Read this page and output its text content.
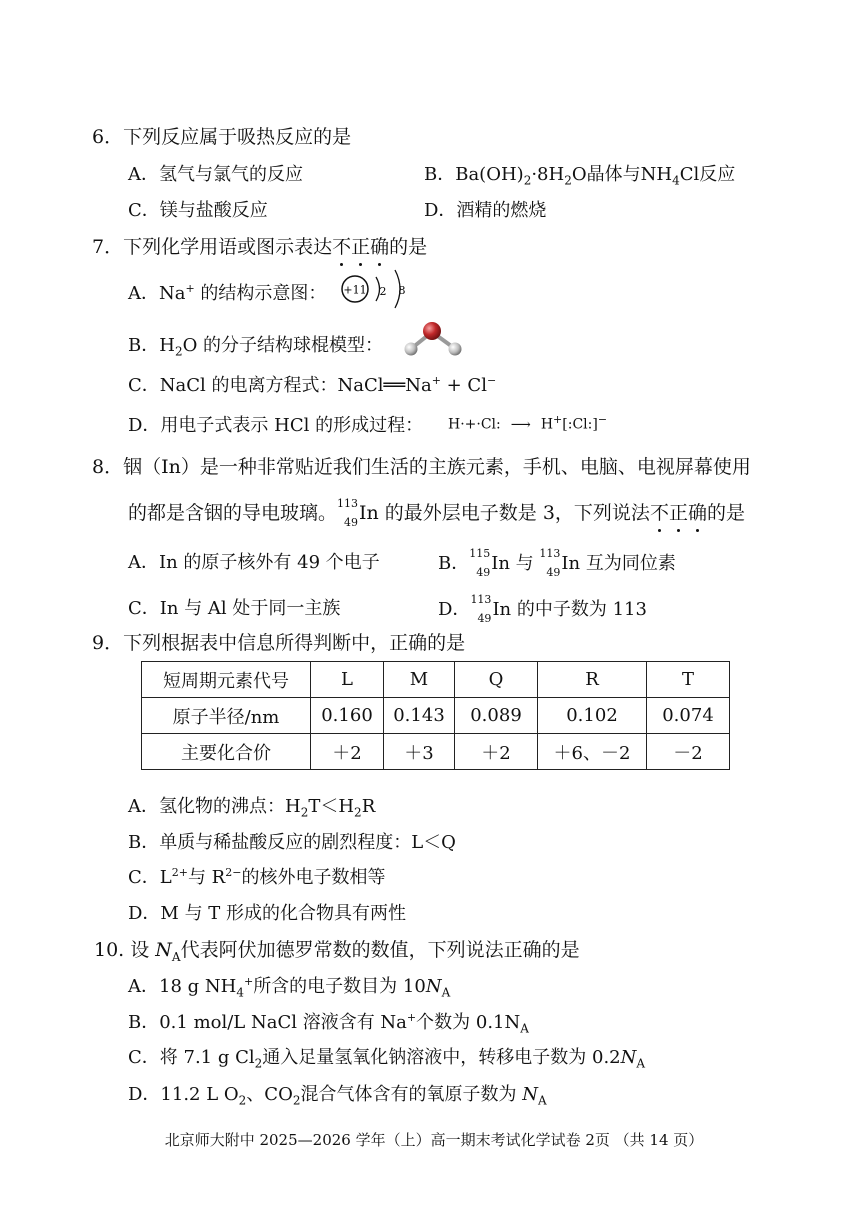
6．下列反应属于吸热反应的是
A．氢气与氯气的反应	B．$Ba(OH)_2\cdot 8H_2O$晶体与$NH_4Cl$反应
C．镁与盐酸反应	D．酒精的燃烧
7．下列化学用语或图示表达不正确的是
A．Na+ 的结构示意图： +11 2 8
B．$H_2O$ 的分子结构球棍模型：
C．NaCl 的电离方程式：NaCl══Na+ + Cl−
D．用电子式表示 HCl 的形成过程： H·+·Cl: ⟶ H+[:Cl:]−
8．铟（In）是一种非常贴近我们生活的主族元素，手机、电脑、电视屏幕使用
的都是含铟的导电玻璃。 113
49 In 的最外层电子数是 3，下列说法不正确的是
A．In 的原子核外有 49 个电子	B． 115
49 In 与 113
49 In 互为同位素
C．In 与 Al 处于同一主族	D． 113
49 In 的中子数为 113
9．下列根据表中信息所得判断中，正确的是
短周期元素代号	L	M	Q	R	T
原子半径/nm	0.160	0.143	0.089	0.102	0.074
主要化合价	＋2	＋3	＋2	＋6、－2	－2
A．氢化物的沸点：$H_2T<H_2R$
B．单质与稀盐酸反应的剧烈程度：L＜Q
C．$L^{2+}$与 $R^{2-}$的核外电子数相等
D．M 与 T 形成的化合物具有两性
10. 设 $N_A$代表阿伏加德罗常数的数值，下列说法正确的是
A．18 g $NH_4^+$所含的电子数目为 $10N_A$
B．0.1 mol/L NaCl 溶液含有 Na+个数为 $0.1N_A$
C．将 7.1 g $Cl_2$通入足量氢氧化钠溶液中，转移电子数为 $0.2N_A$
D．11.2 L $O_2$、$CO_2$混合气体含有的氧原子数为 $N_A$
北京师大附中 2025—2026 学年（上）高一期末考试化学试卷 2页 （共 14 页）
